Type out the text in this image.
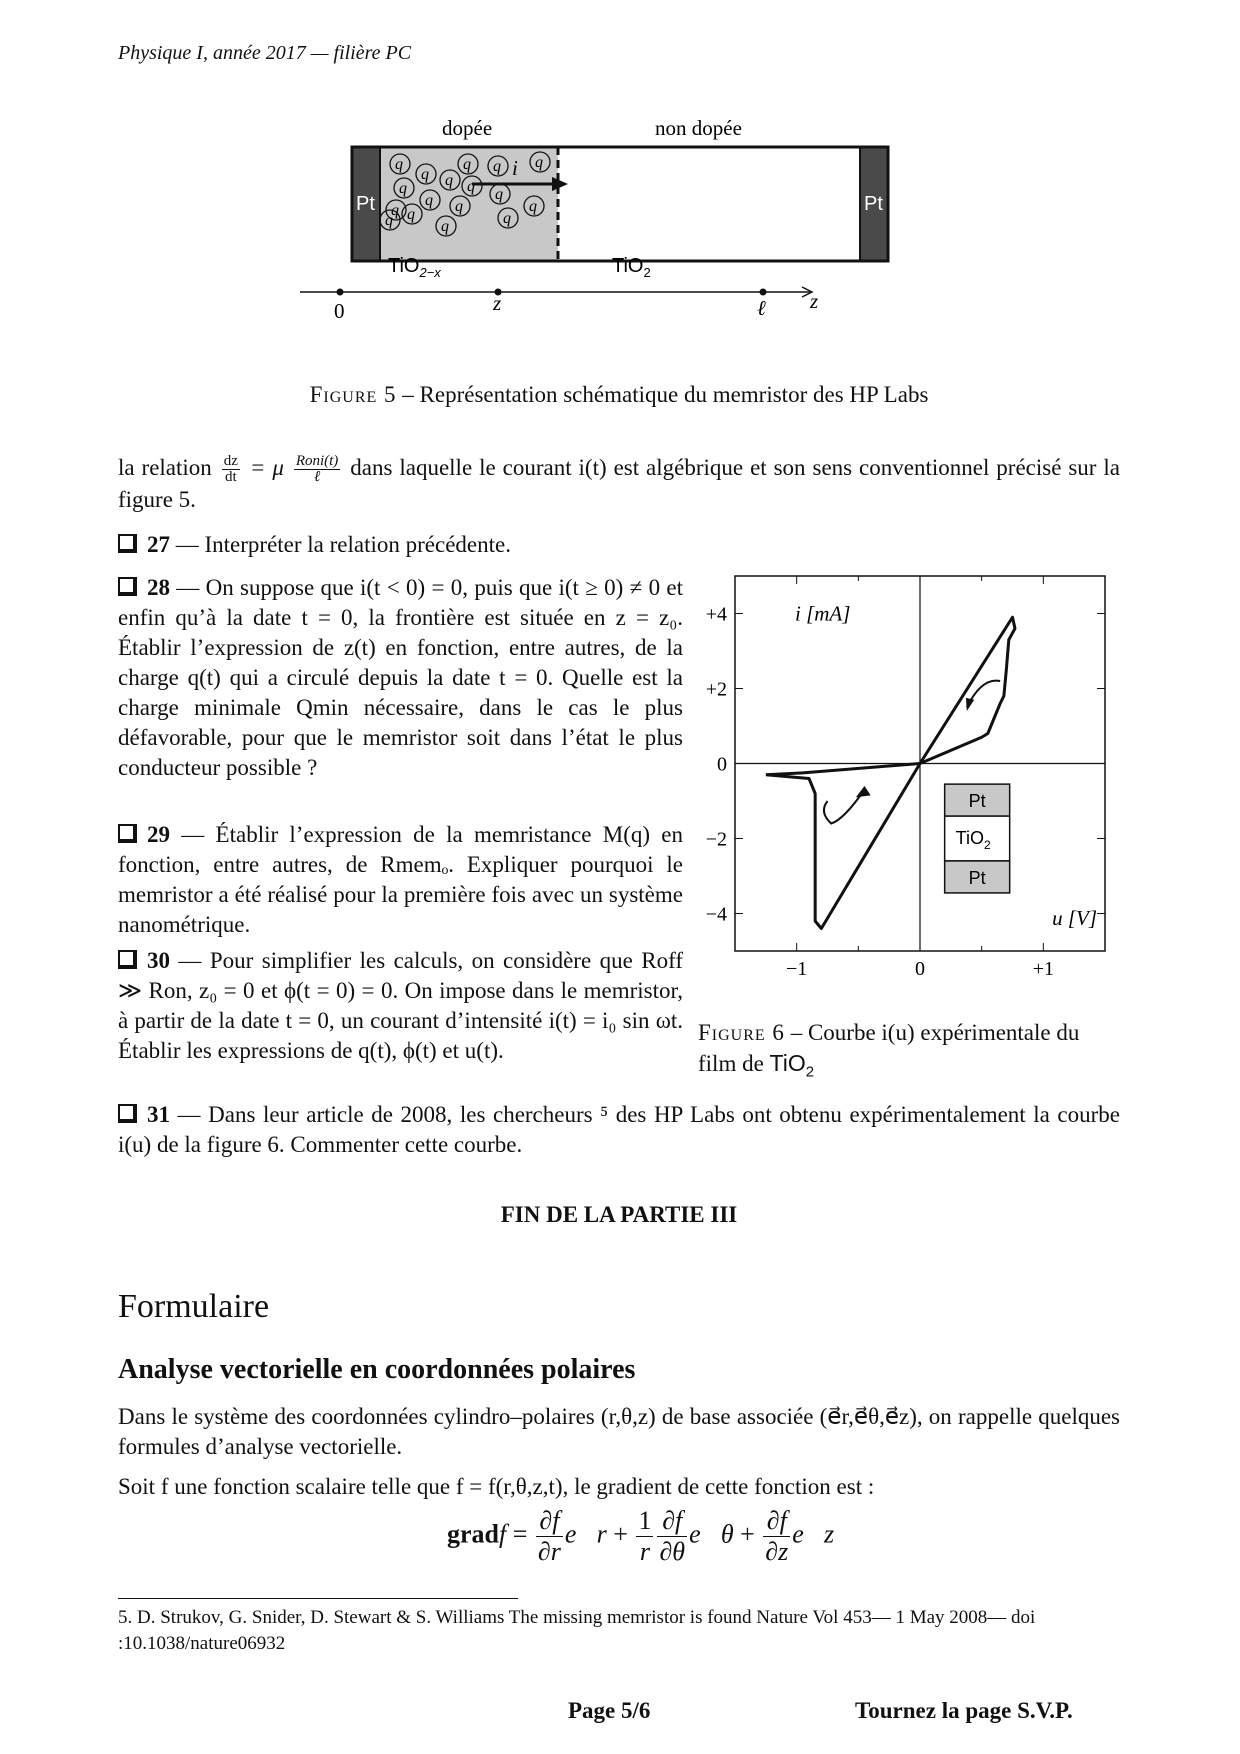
Physique I, année 2017 — filière PC
dopée	non dopée
Pt	Pt
q
q
q q q
q q
q
q q
q q	q	q
q	q	q
i
TiO$_{2-x}$	TiO$_2$
0	z	ℓ z
Figure 5 – Représentation schématique du memristor des HP Labs
la relation $\frac{dz}{dt} = \mu \frac{\text{Roni(t)}}{\text{ℓ}}$ dans laquelle le courant i(t) est algébrique et son sens conventionnel précisé sur la figure 5.
27 — Interpréter la relation précédente.
28 — On suppose que i(t < 0) = 0, puis que i(t ≥ 0) ≠ 0 et enfin qu’à la date t = 0, la frontière est située en z = z₀. Établir l’expression de z(t) en fonction, entre autres, de la charge q(t) qui a circulé depuis la date t = 0. Quelle est la charge minimale Qmin nécessaire, dans le cas le plus défavorable, pour que le memristor soit dans l’état le plus conducteur possible ?
29 — Établir l’expression de la memristance M(q) en fonction, entre autres, de Rmemₒ. Expliquer pourquoi le memristor a été réalisé pour la première fois avec un système nanométrique.
30 — Pour simplifier les calculs, on considère que Roff ≫ Ron, z₀ = 0 et ϕ(t = 0) = 0. On impose dans le memristor, à partir de la date t = 0, un courant d’intensité i(t) = i₀ sin ωt. Établir les expressions de q(t), ϕ(t) et u(t).
31 — Dans leur article de 2008, les chercheurs ⁵ des HP Labs ont obtenu expérimentalement la courbe i(u) de la figure 6. Commenter cette courbe.
+4
+2
0
−2
−4
−1	0	+1
i [mA]
u [V]
Pt
TiO$_2$
Pt
Figure 6 – Courbe i(u) expérimentale du film de TiO$_2$
FIN DE LA PARTIE III
Formulaire
Analyse vectorielle en coordonnées polaires
Dans le système des coordonnées cylindro–polaires (r,θ,z) de base associée (e⃗r,e⃗θ,e⃗z), on rappelle quelques formules d’analyse vectorielle.
Soit f une fonction scalaire telle que f = f(r,θ,z,t), le gradient de cette fonction est :
gradf = $\frac{\partial f}{\partial r}$ e⃗r + $\frac{1}{r} \frac{\partial f}{\partial\theta}$ e⃗θ + $\frac{\partial f}{\partial z}$ e⃗z
5. D. Strukov, G. Snider, D. Stewart & S. Williams The missing memristor is found Nature Vol 453— 1 May 2008— doi :10.1038/nature06932
Page 5/6	Tournez la page S.V.P.
